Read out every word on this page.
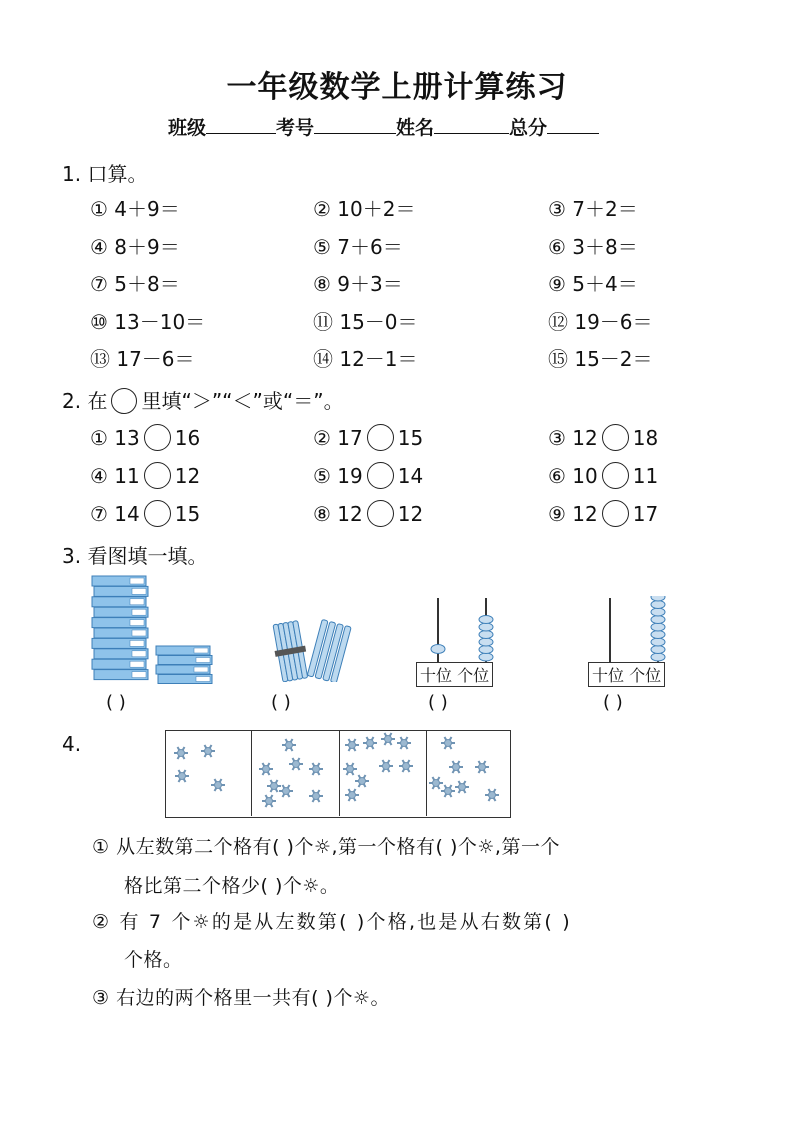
一年级数学上册计算练习
班级	考号	姓名	总分
1. 口算。
① 4＋9＝	② 10＋2＝	③ 7＋2＝
④ 8＋9＝	⑤ 7＋6＝	⑥ 3＋8＝
⑦ 5＋8＝	⑧ 9＋3＝	⑨ 5＋4＝
⑩ 13－10＝	⑪ 15－0＝	⑫ 19－6＝
⑬ 17－6＝	⑭ 12－1＝	⑮ 15－2＝
2. 在 里填“＞”“＜”或“＝”。
① 13 16	② 17 15	③ 12 18
④ 11 12	⑤ 19 14	⑥ 10 11
⑦ 14 15	⑧ 12 12	⑨ 12 17
3. 看图填一填。
十位 个位	十位 个位
( )	( )	( )	( )
4.
① 从左数第二个格有( )个☼,第一个格有( )个☼,第一个
格比第二个格少( )个☼。
② 有 7 个☼的是从左数第( )个格,也是从右数第( )
个格。
③ 右边的两个格里一共有( )个☼。
